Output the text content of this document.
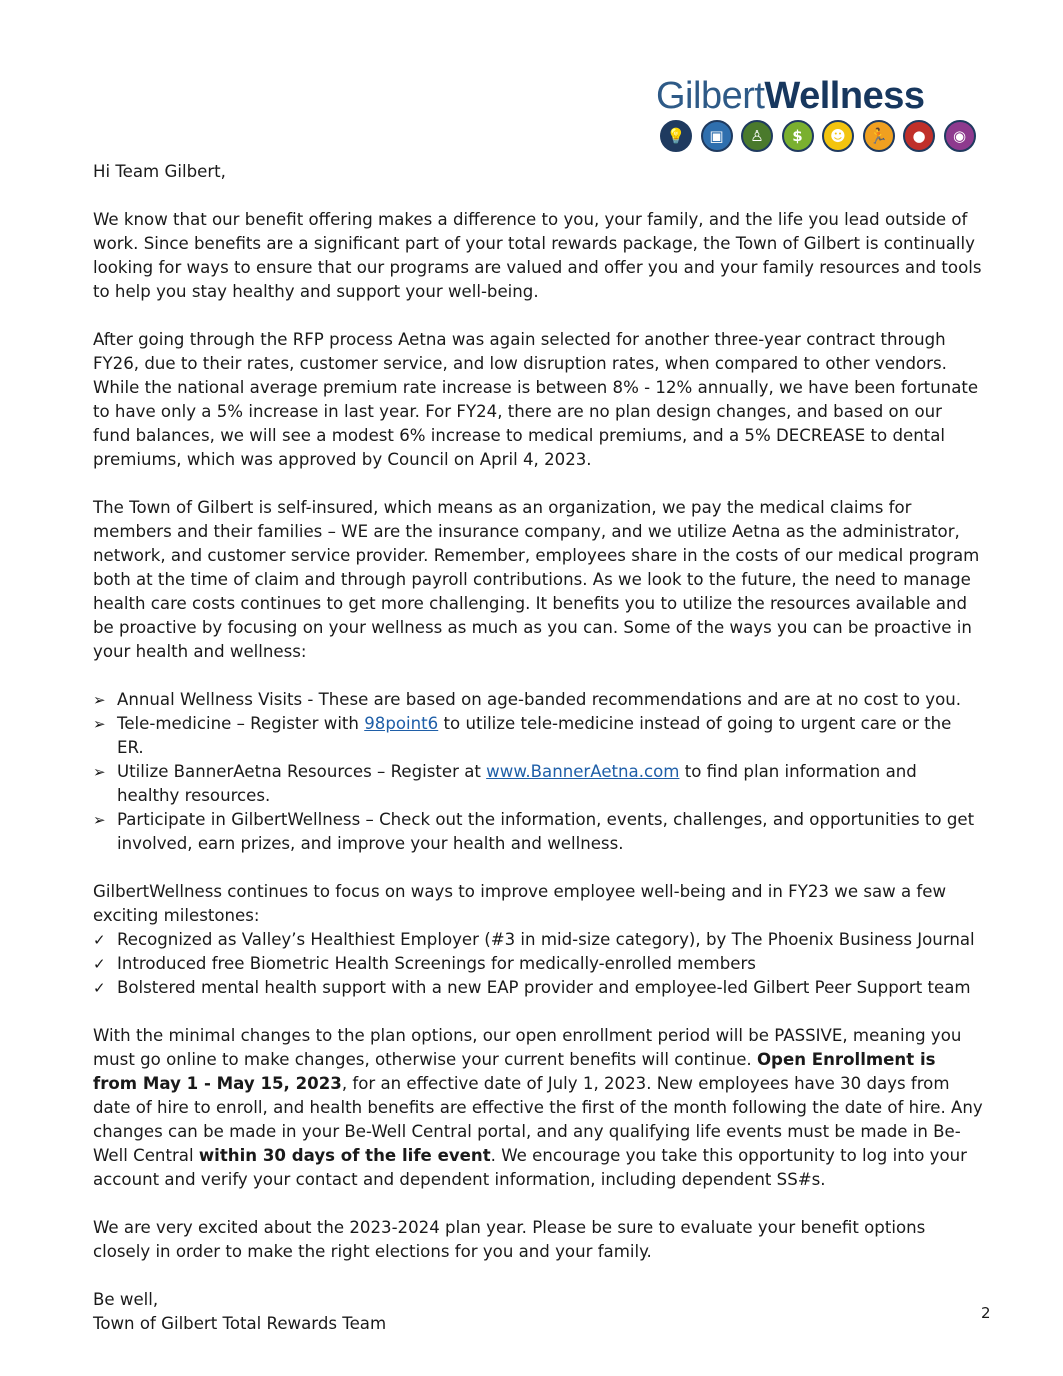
GilbertWellness
💡	▣	♙	$	☻	🏃	●	◉

Hi Team Gilbert,

We know that our benefit offering makes a difference to you, your family, and the life you lead outside of work. Since benefits are a significant part of your total rewards package, the Town of Gilbert is continually looking for ways to ensure that our programs are valued and offer you and your family resources and tools to help you stay healthy and support your well-being.

After going through the RFP process Aetna was again selected for another three-year contract through FY26, due to their rates, customer service, and low disruption rates, when compared to other vendors. While the national average premium rate increase is between 8% - 12% annually, we have been fortunate to have only a 5% increase in last year. For FY24, there are no plan design changes, and based on our fund balances, we will see a modest 6% increase to medical premiums, and a 5% DECREASE to dental premiums, which was approved by Council on April 4, 2023.

The Town of Gilbert is self-insured, which means as an organization, we pay the medical claims for members and their families – WE are the insurance company, and we utilize Aetna as the administrator, network, and customer service provider. Remember, employees share in the costs of our medical program both at the time of claim and through payroll contributions. As we look to the future, the need to manage health care costs continues to get more challenging. It benefits you to utilize the resources available and be proactive by focusing on your wellness as much as you can. Some of the ways you can be proactive in your health and wellness:

➢ Annual Wellness Visits - These are based on age-banded recommendations and are at no cost to you.
➢ Tele-medicine – Register with 98point6 to utilize tele-medicine instead of going to urgent care or the ER.
➢ Utilize BannerAetna Resources – Register at www.BannerAetna.com to find plan information and healthy resources.
➢ Participate in GilbertWellness – Check out the information, events, challenges, and opportunities to get involved, earn prizes, and improve your health and wellness.

GilbertWellness continues to focus on ways to improve employee well-being and in FY23 we saw a few exciting milestones:

✓ Recognized as Valley’s Healthiest Employer (#3 in mid-size category), by The Phoenix Business Journal
✓ Introduced free Biometric Health Screenings for medically-enrolled members
✓ Bolstered mental health support with a new EAP provider and employee-led Gilbert Peer Support team

With the minimal changes to the plan options, our open enrollment period will be PASSIVE, meaning you must go online to make changes, otherwise your current benefits will continue. Open Enrollment is from May 1 - May 15, 2023, for an effective date of July 1, 2023. New employees have 30 days from date of hire to enroll, and health benefits are effective the first of the month following the date of hire. Any changes can be made in your Be-Well Central portal, and any qualifying life events must be made in Be-Well Central within 30 days of the life event. We encourage you take this opportunity to log into your account and verify your contact and dependent information, including dependent SS#s.

We are very excited about the 2023-2024 plan year. Please be sure to evaluate your benefit options closely in order to make the right elections for you and your family.

Be well,
Town of Gilbert Total Rewards Team
2
